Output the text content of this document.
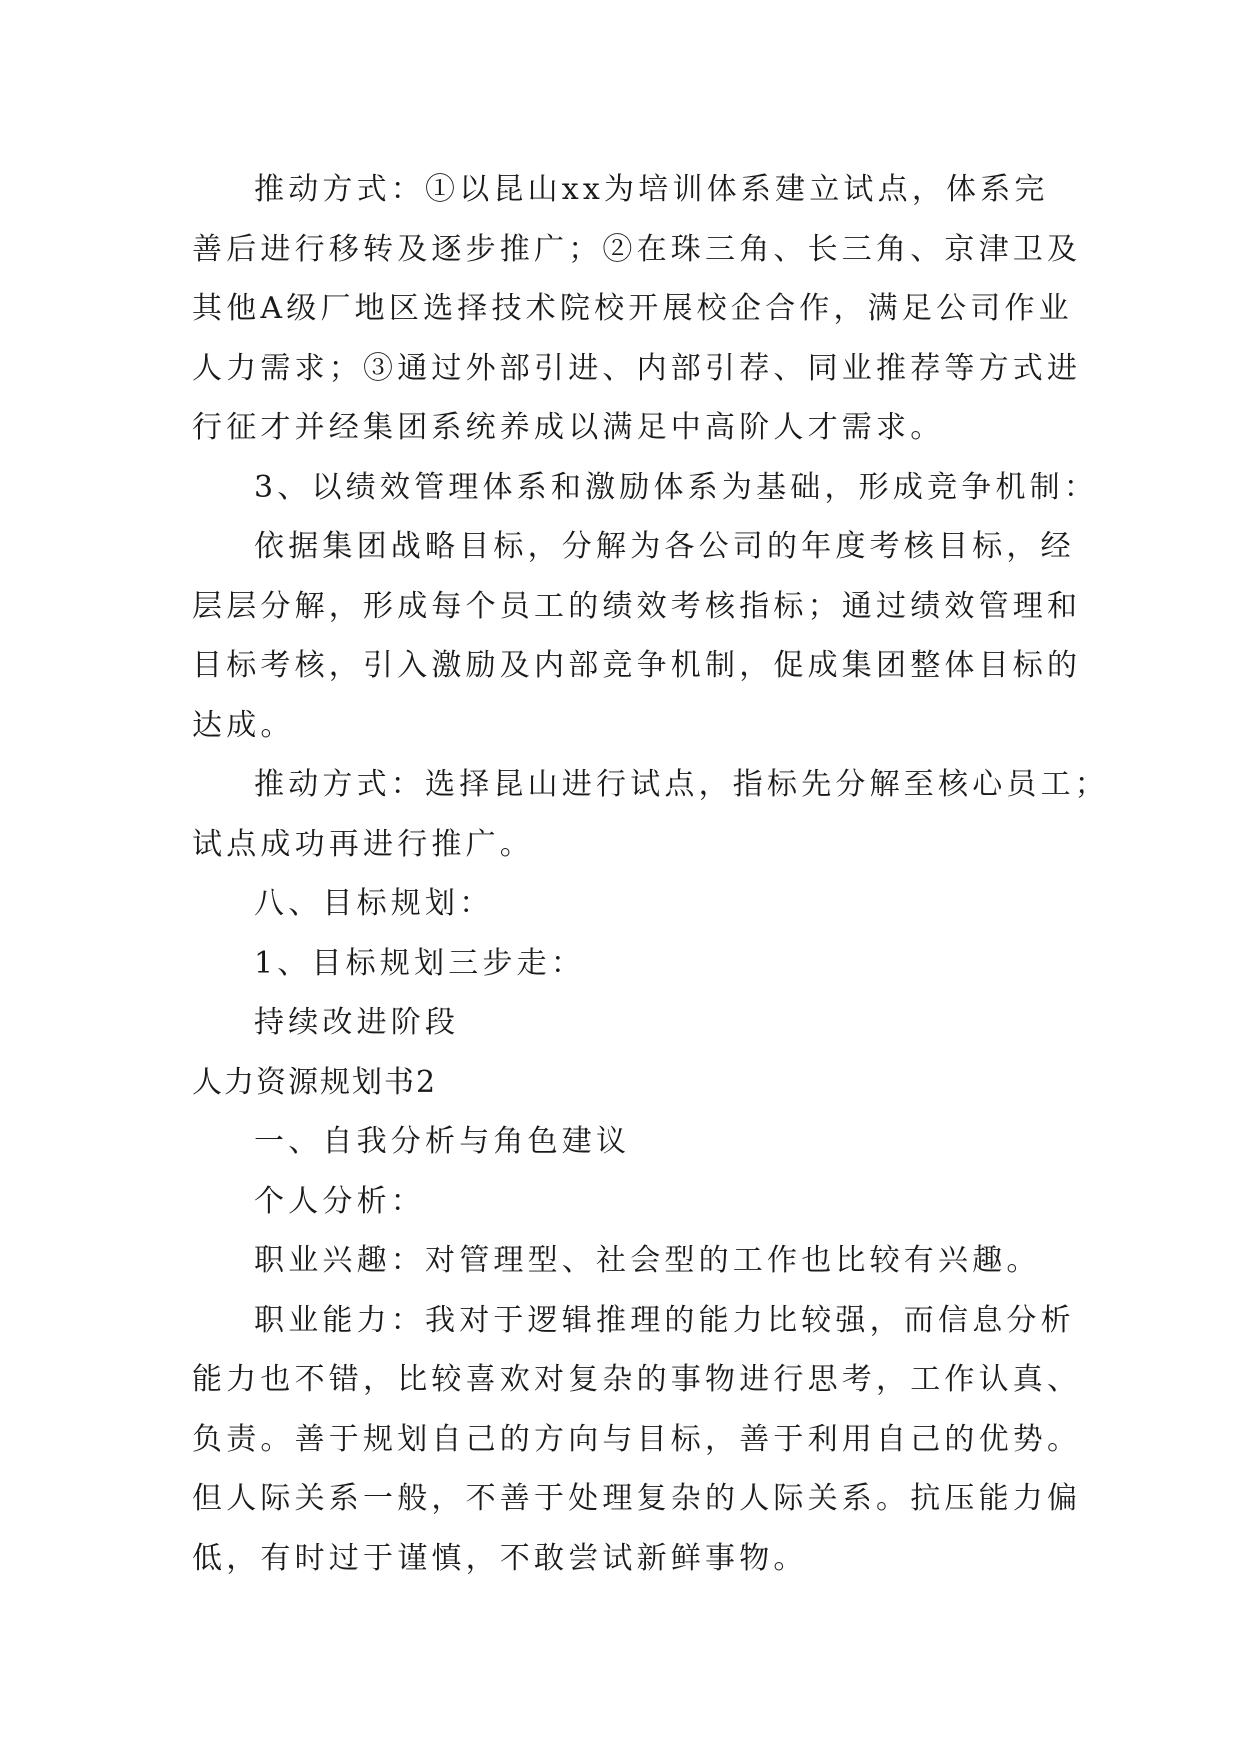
推动方式：①以昆山xx为培训体系建立试点，体系完
善后进行移转及逐步推广；②在珠三角、长三角、京津卫及
其他A级厂地区选择技术院校开展校企合作，满足公司作业
人力需求；③通过外部引进、内部引荐、同业推荐等方式进
行征才并经集团系统养成以满足中高阶人才需求。
3、以绩效管理体系和激励体系为基础，形成竞争机制：
依据集团战略目标，分解为各公司的年度考核目标，经
层层分解，形成每个员工的绩效考核指标；通过绩效管理和
目标考核，引入激励及内部竞争机制，促成集团整体目标的
达成。
推动方式：选择昆山进行试点，指标先分解至核心员工；
试点成功再进行推广。
八、目标规划：
1、目标规划三步走：
持续改进阶段
人力资源规划书2
一、自我分析与角色建议
个人分析：
职业兴趣：对管理型、社会型的工作也比较有兴趣。
职业能力：我对于逻辑推理的能力比较强，而信息分析
能力也不错，比较喜欢对复杂的事物进行思考，工作认真、
负责。善于规划自己的方向与目标，善于利用自己的优势。
但人际关系一般，不善于处理复杂的人际关系。抗压能力偏
低，有时过于谨慎，不敢尝试新鲜事物。
